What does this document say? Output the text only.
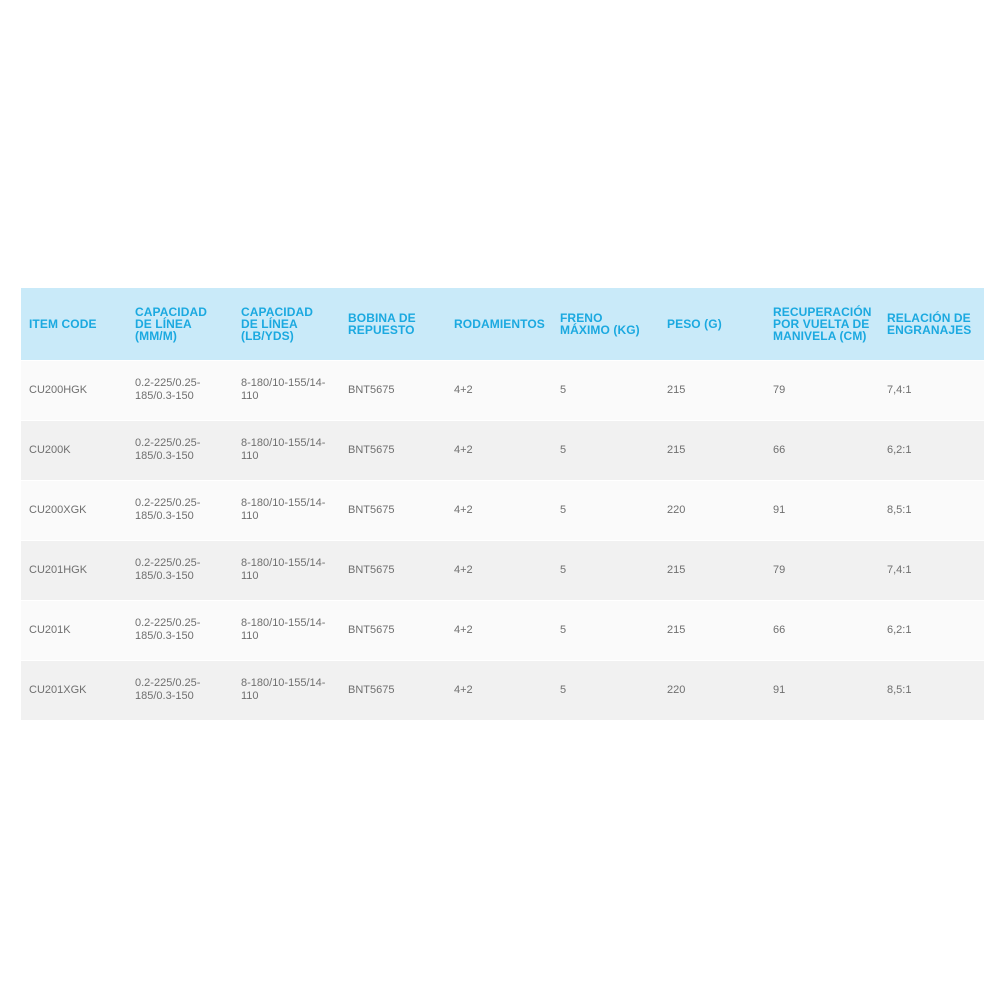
ITEM CODE	CAPACIDAD DE LÍNEA (MM/M)	CAPACIDAD DE LÍNEA (LB/YDS)	BOBINA DE REPUESTO	RODAMIENTOS	FRENO MÁXIMO (KG)	PESO (G)	RECUPERACIÓN POR VUELTA DE MANIVELA (CM)	RELACIÓN DE ENGRANAJES
CU200HGK	0.2-225/0.25-185/0.3-150	8-180/10-155/14-110	BNT5675	4+2	5	215	79	7,4:1
CU200K	0.2-225/0.25-185/0.3-150	8-180/10-155/14-110	BNT5675	4+2	5	215	66	6,2:1
CU200XGK	0.2-225/0.25-185/0.3-150	8-180/10-155/14-110	BNT5675	4+2	5	220	91	8,5:1
CU201HGK	0.2-225/0.25-185/0.3-150	8-180/10-155/14-110	BNT5675	4+2	5	215	79	7,4:1
CU201K	0.2-225/0.25-185/0.3-150	8-180/10-155/14-110	BNT5675	4+2	5	215	66	6,2:1
CU201XGK	0.2-225/0.25-185/0.3-150	8-180/10-155/14-110	BNT5675	4+2	5	220	91	8,5:1
